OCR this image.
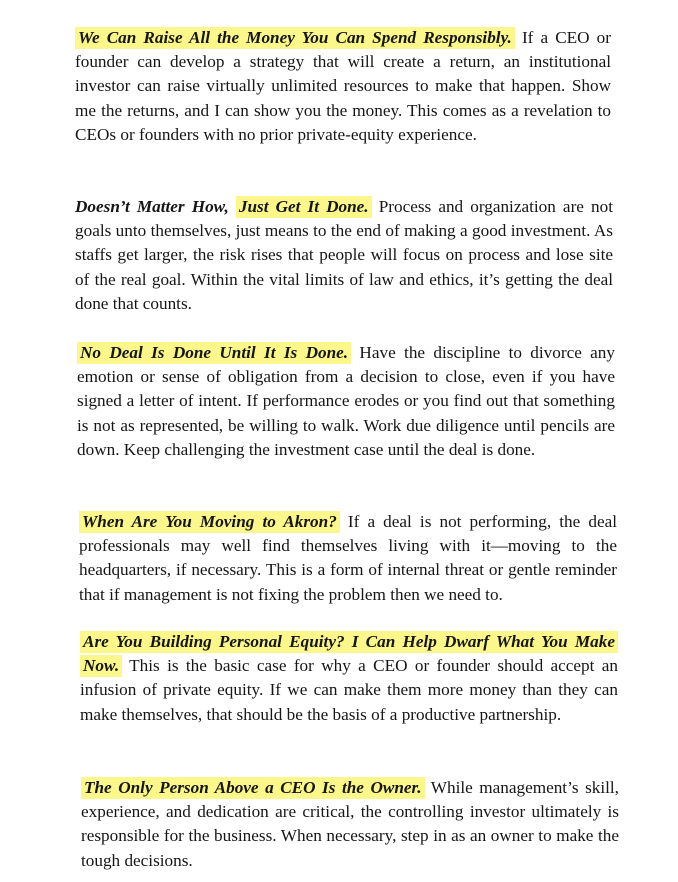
We Can Raise All the Money You Can Spend Responsibly. If a CEO or founder can develop a strategy that will create a return, an institutional investor can raise virtually unlimited resources to make that happen. Show me the returns, and I can show you the money. This comes as a revelation to CEOs or founders with no prior private-equity experience.

Doesn’t Matter How, Just Get It Done. Process and organization are not goals unto themselves, just means to the end of making a good investment. As staffs get larger, the risk rises that people will focus on process and lose site of the real goal. Within the vital limits of law and ethics, it’s getting the deal done that counts.

No Deal Is Done Until It Is Done. Have the discipline to divorce any emotion or sense of obligation from a decision to close, even if you have signed a letter of intent. If performance erodes or you find out that something is not as represented, be willing to walk. Work due diligence until pencils are down. Keep challenging the investment case until the deal is done.

When Are You Moving to Akron? If a deal is not performing, the deal professionals may well find themselves living with it—moving to the headquarters, if necessary. This is a form of internal threat or gentle reminder that if management is not fixing the problem then we need to.

Are You Building Personal Equity? I Can Help Dwarf What You Make Now. This is the basic case for why a CEO or founder should accept an infusion of private equity. If we can make them more money than they can make themselves, that should be the basis of a productive partnership.

The Only Person Above a CEO Is the Owner. While management’s skill, experience, and dedication are critical, the controlling investor ultimately is responsible for the business. When necessary, step in as an owner to make the tough decisions.
